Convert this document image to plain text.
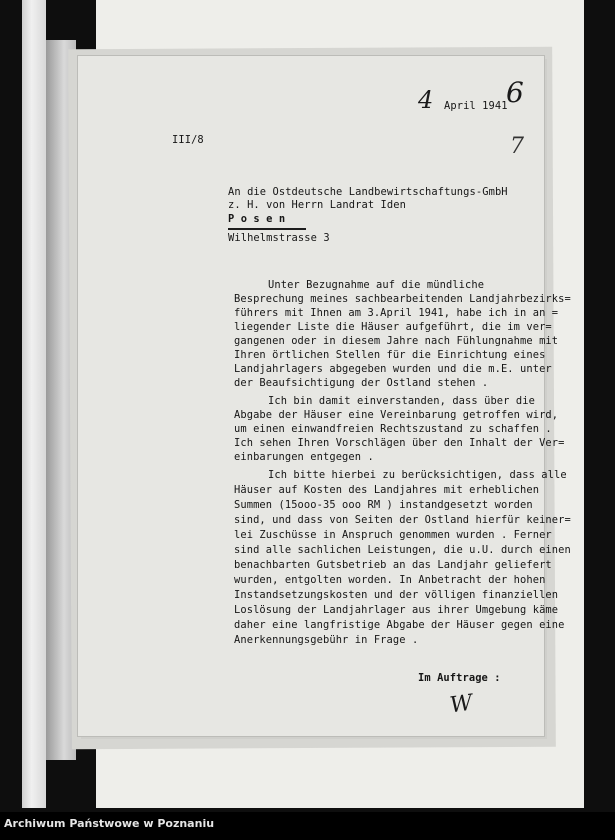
4 April 1941
6
7
III/8
An die Ostdeutsche Landbewirtschaftungs-GmbH
z. H. von Herrn Landrat Iden
P o s e n
Wilhelmstrasse 3
Unter Bezugnahme auf die mündliche
Besprechung meines sachbearbeitenden Landjahrbezirks=
führers mit Ihnen am 3.April 1941, habe ich in an =
liegender Liste die Häuser aufgeführt, die im ver=
gangenen oder in diesem Jahre nach Fühlungnahme mit
Ihren örtlichen Stellen für die Einrichtung eines
Landjahrlagers abgegeben wurden und die m.E. unter
der Beaufsichtigung der Ostland stehen .
Ich bin damit einverstanden, dass über die
Abgabe der Häuser eine Vereinbarung getroffen wird,
um einen einwandfreien Rechtszustand zu schaffen .
Ich sehen Ihren Vorschlägen über den Inhalt der Ver=
einbarungen entgegen .
Ich bitte hierbei zu berücksichtigen, dass alle
Häuser auf Kosten des Landjahres mit erheblichen
Summen (15ooo-35 ooo RM ) instandgesetzt worden
sind, und dass von Seiten der Ostland hierfür keiner=
lei Zuschüsse in Anspruch genommen wurden . Ferner
sind alle sachlichen Leistungen, die u.U. durch einen
benachbarten Gutsbetrieb an das Landjahr geliefert
wurden, entgolten worden. In Anbetracht der hohen
Instandsetzungskosten und der völligen finanziellen
Loslösung der Landjahrlager aus ihrer Umgebung käme
daher eine langfristige Abgabe der Häuser gegen eine
Anerkennungsgebühr in Frage .
Im Auftrage :
W
Archiwum Państwowe w Poznaniu
